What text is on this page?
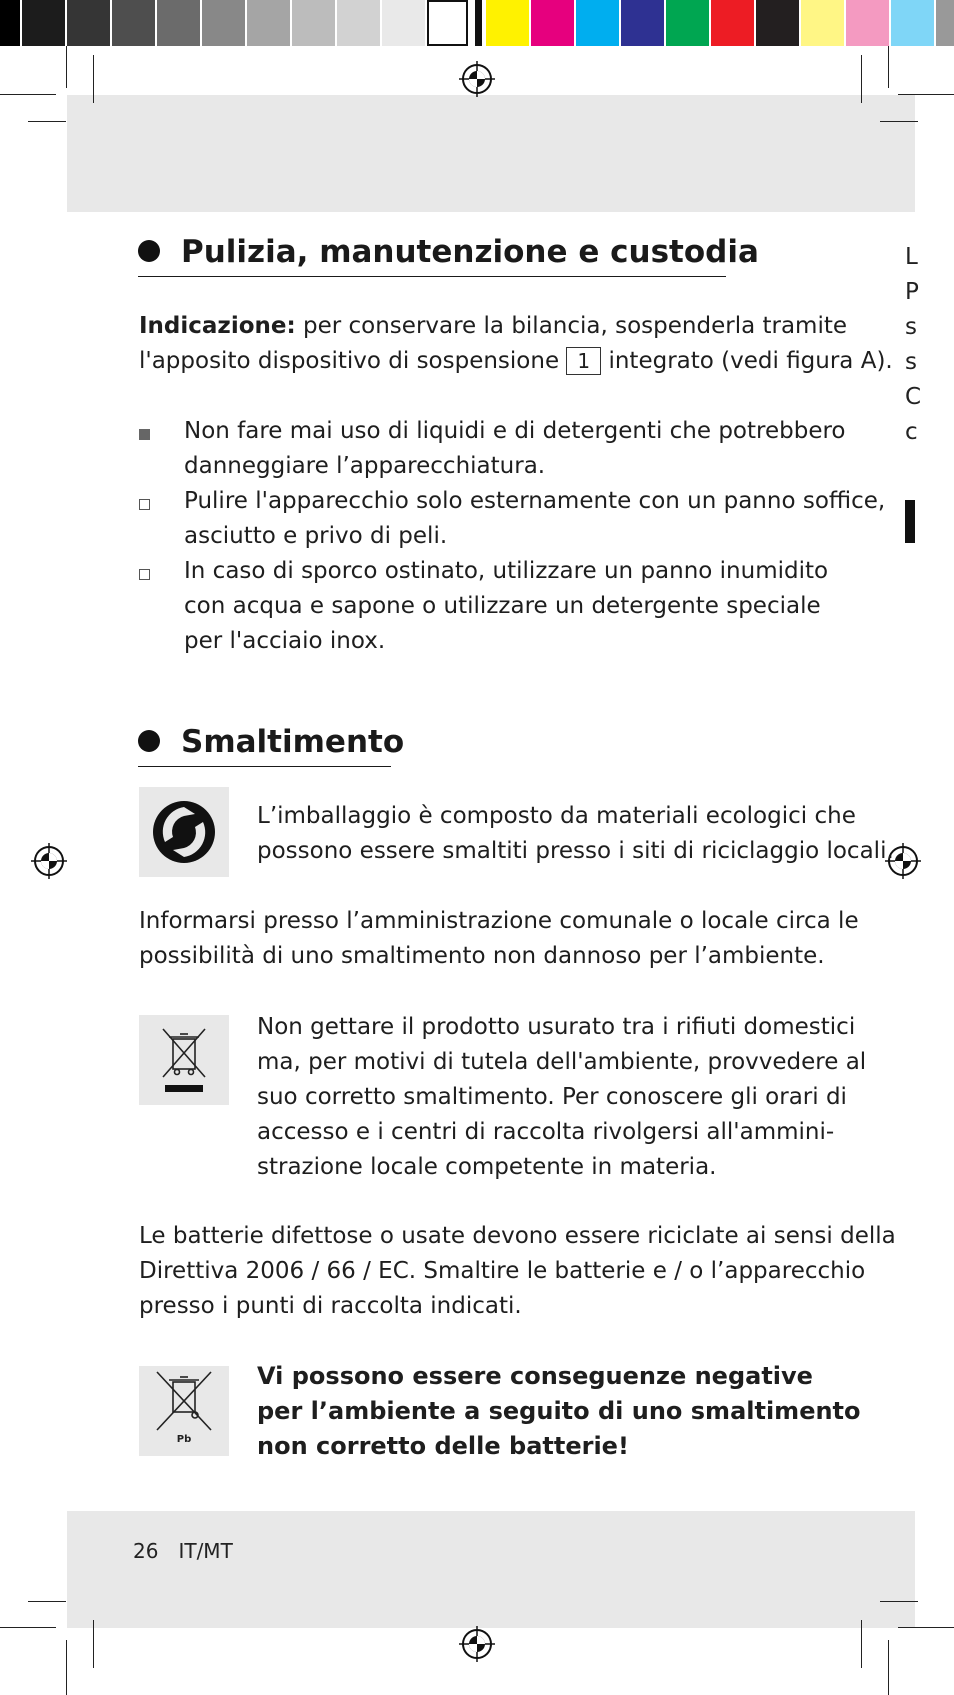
Pulizia, manutenzione e custodia
Indicazione: per conservare la bilancia, sospenderla tramite
l'apposito dispositivo di sospensione 1 integrato (vedi figura A).
Non fare mai uso di liquidi e di detergenti che potrebbero
danneggiare l’apparecchiatura.
Pulire l'apparecchio solo esternamente con un panno soffice,
asciutto e privo di peli.
In caso di sporco ostinato, utilizzare un panno inumidito
con acqua e sapone o utilizzare un detergente speciale
per l'acciaio inox.
Smaltimento
L’imballaggio è composto da materiali ecologici che
possono essere smaltiti presso i siti di riciclaggio locali.
Informarsi presso l’amministrazione comunale o locale circa le
possibilità di uno smaltimento non dannoso per l’ambiente.
Non gettare il prodotto usurato tra i rifiuti domestici
ma, per motivi di tutela dell'ambiente, provvedere al
suo corretto smaltimento. Per conoscere gli orari di
accesso e i centri di raccolta rivolgersi all'ammini-
strazione locale competente in materia.
Le batterie difettose o usate devono essere riciclate ai sensi della
Direttiva 2006 / 66 / EC. Smaltire le batterie e / o l’apparecchio
presso i punti di raccolta indicati.
Pb
Vi possono essere conseguenze negative
per l’ambiente a seguito di uno smaltimento
non corretto delle batterie!
26 IT/MT
L
P
s
s
C
c
